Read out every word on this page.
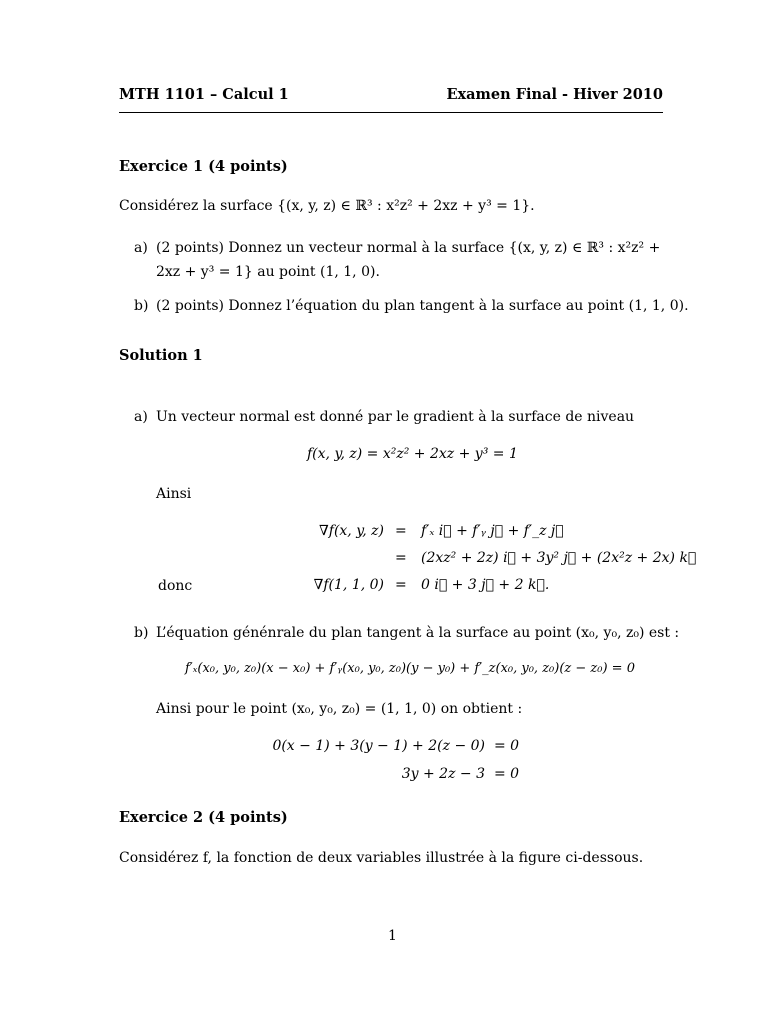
MTH 1101 – Calcul 1	Examen Final - Hiver 2010
Exercice 1 (4 points)
Considérez la surface {(x, y, z) ∈ ℝ³ : x²z² + 2xz + y³ = 1}.
a) (2 points) Donnez un vecteur normal à la surface {(x, y, z) ∈ ℝ³ : x²z² + 2xz + y³ = 1} au point (1, 1, 0).
b) (2 points) Donnez l’équation du plan tangent à la surface au point (1, 1, 0).
Solution 1
a) Un vecteur normal est donné par le gradient à la surface de niveau
f(x, y, z) = x²z² + 2xz + y³ = 1
Ainsi
∇f(x, y, z) = f′ₓ i⃗ + f′ᵧ j⃗ + f′_z j⃗
= (2xz² + 2z) i⃗ + 3y² j⃗ + (2x²z + 2x) k⃗
donc	∇f(1, 1, 0) = 0 i⃗ + 3 j⃗ + 2 k⃗.
b) L’équation génénrale du plan tangent à la surface au point (x₀, y₀, z₀) est :
f′ₓ(x₀, y₀, z₀)(x − x₀) + f′ᵧ(x₀, y₀, z₀)(y − y₀) + f′_z(x₀, y₀, z₀)(z − z₀) = 0
Ainsi pour le point (x₀, y₀, z₀) = (1, 1, 0) on obtient :
0(x − 1) + 3(y − 1) + 2(z − 0) = 0
3y + 2z − 3 = 0
Exercice 2 (4 points)
Considérez f, la fonction de deux variables illustrée à la figure ci-dessous.
1
